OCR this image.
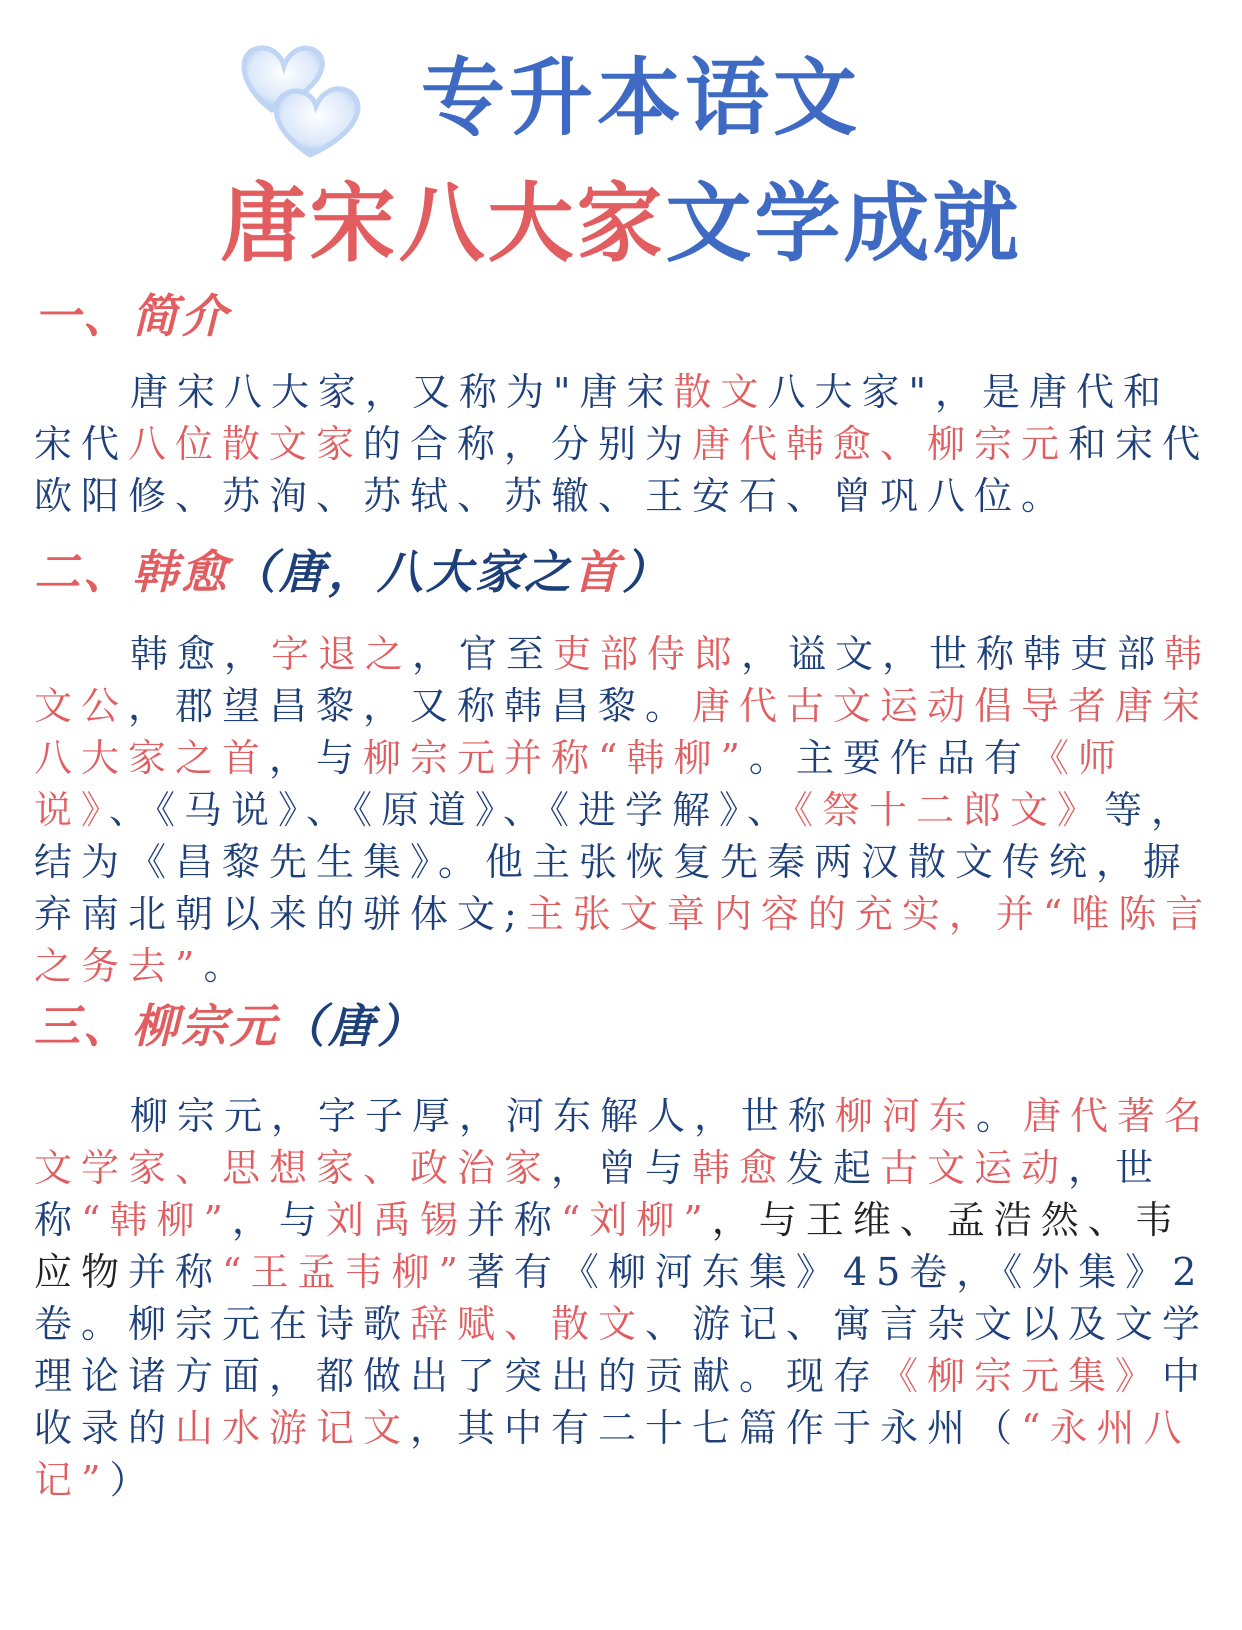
专升本语文
唐宋八大家文学成就
一、简介

唐宋八大家，又称为"唐宋散文八大家"，是唐代和宋代八位散文家的合称，分别为唐代韩愈、柳宗元和宋代欧阳修、苏洵、苏轼、苏辙、王安石、曾巩八位。

二、韩愈（唐，八大家之首）

韩愈，字退之，官至吏部侍郎，谥文，世称韩吏部韩文公，郡望昌黎，又称韩昌黎。唐代古文运动倡导者唐宋八大家之首，与柳宗元并称“韩柳”。主要作品有《师说》、《马说》、《原道》、《进学解》、《祭十二郎文》等，结为《昌黎先生集》。他主张恢复先秦两汉散文传统，摒弃南北朝以来的骈体文;主张文章内容的充实，并“唯陈言之务去”。

三、柳宗元（唐）

柳宗元，字子厚，河东解人，世称柳河东。唐代著名文学家、思想家、政治家，曾与韩愈发起古文运动，世称“韩柳”，与刘禹锡并称“刘柳”，与王维、孟浩然、韦应物并称“王孟韦柳”著有《柳河东集》45卷，《外集》2卷。柳宗元在诗歌辞赋、散文、游记、寓言杂文以及文学理论诸方面，都做出了突出的贡献。现存《柳宗元集》中收录的山水游记文，其中有二十七篇作于永州（“永州八记”）
